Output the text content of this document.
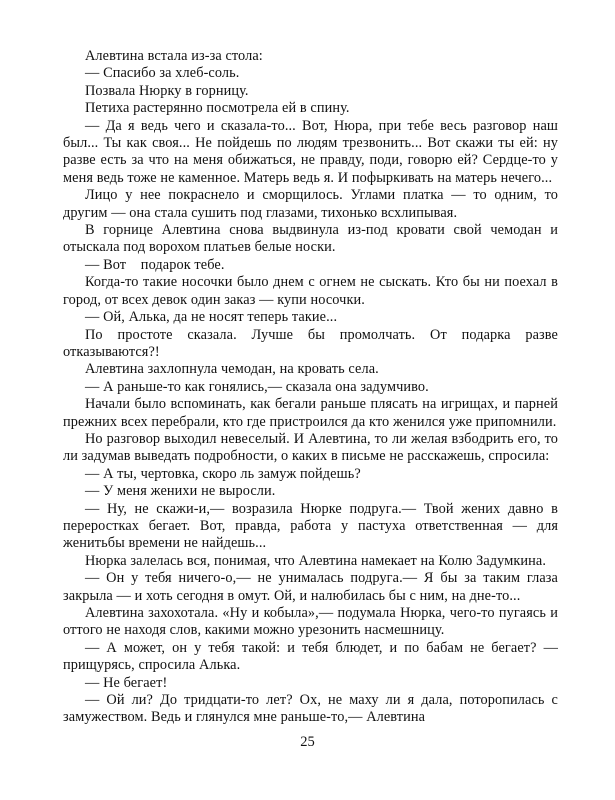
Алевтина встала из-за стола:

— Спасибо за хлеб-соль.

Позвала Нюрку в горницу.

Петиха растерянно посмотрела ей в спину.

— Да я ведь чего и сказала-то... Вот, Нюра, при тебе весь разговор наш был... Ты как своя... Не пойдешь по людям трезвонить... Вот скажи ты ей: ну разве есть за что на меня обижаться, не правду, поди, говорю ей? Сердце-то у меня ведь тоже не каменное. Матерь ведь я. И пофыркивать на матерь нечего...

Лицо у нее покраснело и сморщилось. Углами платка — то одним, то другим — она стала сушить под глазами, тихонько всхлипывая.

В горнице Алевтина снова выдвинула из-под кровати свой чемодан и отыскала под ворохом платьев белые носки.

— Вот    подарок тебе.

Когда-то такие носочки было днем с огнем не сыскать. Кто бы ни поехал в город, от всех девок один заказ — купи носочки.

— Ой, Алька, да не носят теперь такие...

По простоте сказала. Лучше бы промолчать. От подарка разве отказываются?!

Алевтина захлопнула чемодан, на кровать села.

— А раньше-то как гонялись,— сказала она задумчиво.

Начали было вспоминать, как бегали раньше плясать на игрищах, и парней прежних всех перебрали, кто где пристроился да кто женился уже припомнили.

Но разговор выходил невеселый. И Алевтина, то ли желая взбодрить его, то ли задумав выведать подробности, о каких в письме не расскажешь, спросила:

— А ты, чертовка, скоро ль замуж пойдешь?

— У меня женихи не выросли.

— Ну, не скажи-и,— возразила Нюрке подруга.— Твой жених давно в переростках бегает. Вот, правда, работа у пастуха ответственная — для женитьбы времени не найдешь...

Нюрка залелась вся, понимая, что Алевтина намекает на Колю Задумкина.

— Он у тебя ничего-о,— не унималась подруга.— Я бы за таким глаза закрыла — и хоть сегодня в омут. Ой, и налюбилась бы с ним, на дне-то...

Алевтина захохотала. «Ну и кобыла»,— подумала Нюрка, чего-то пугаясь и оттого не находя слов, какими можно урезонить насмешницу.

— А может, он у тебя такой: и тебя блюдет, и по бабам не бегает? — прищурясь, спросила Алька.

— Не бегает!

— Ой ли? До тридцати-то лет? Ох, не маху ли я дала, поторопилась с замужеством. Ведь и глянулся мне раньше-то,— Алевтина

25
